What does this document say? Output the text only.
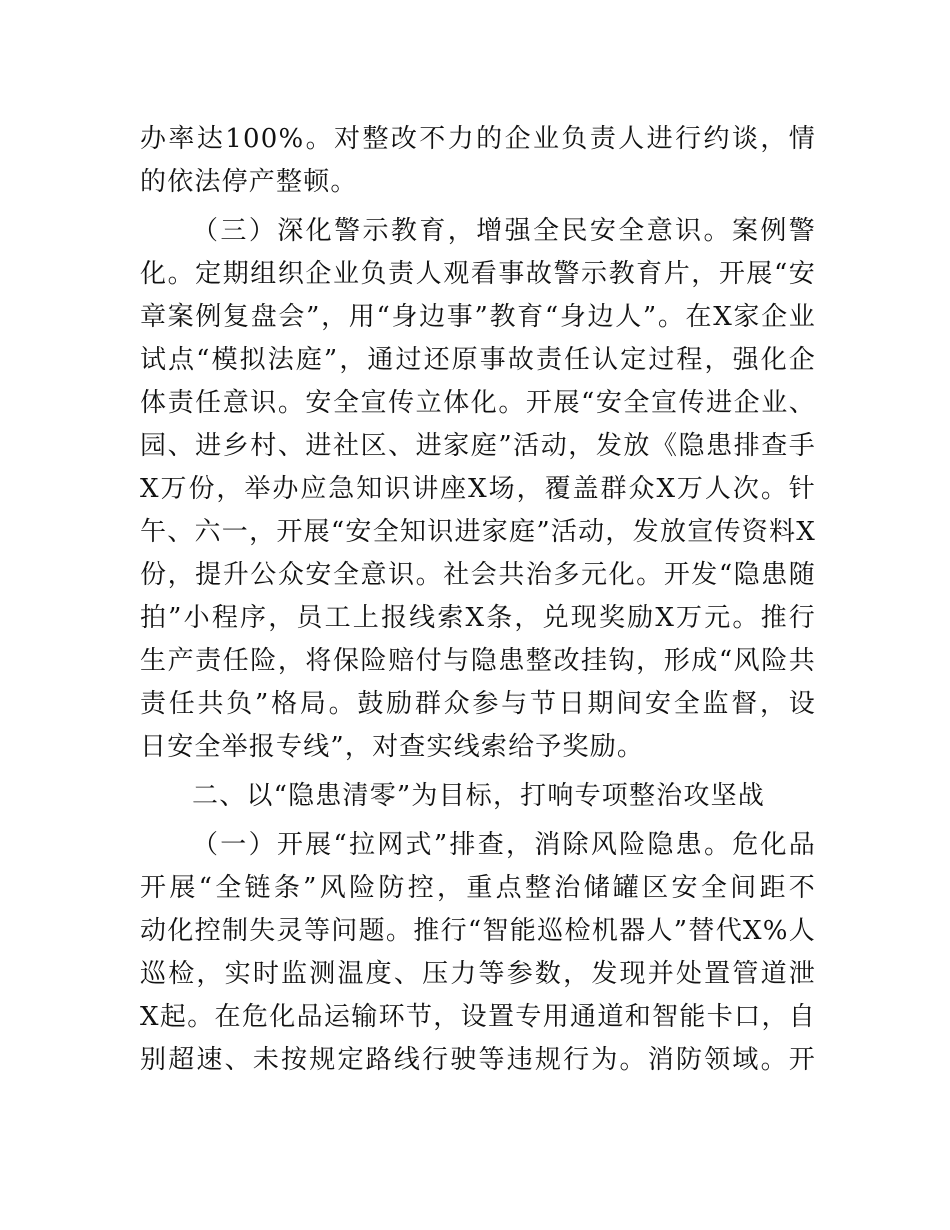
办率达100%。对整改不力的企业负责人进行约谈，情
的依法停产整顿。
（三）深化警示教育，增强全民安全意识。案例警
化。定期组织企业负责人观看事故警示教育片，开展“安
章案例复盘会”，用“身边事”教育“身边人”。在X家企业
试点“模拟法庭”，通过还原事故责任认定过程，强化企
体责任意识。安全宣传立体化。开展“安全宣传进企业、
园、进乡村、进社区、进家庭”活动，发放《隐患排查手
X万份，举办应急知识讲座X场，覆盖群众X万人次。针
午、六一，开展“安全知识进家庭”活动，发放宣传资料X
份，提升公众安全意识。社会共治多元化。开发“隐患随
拍”小程序，员工上报线索X条，兑现奖励X万元。推行
生产责任险，将保险赔付与隐患整改挂钩，形成“风险共
责任共负”格局。鼓励群众参与节日期间安全监督，设
日安全举报专线”，对查实线索给予奖励。
二、以“隐患清零”为目标，打响专项整治攻坚战
（一）开展“拉网式”排查，消除风险隐患。危化品
开展“全链条”风险防控，重点整治储罐区安全间距不
动化控制失灵等问题。推行“智能巡检机器人”替代X%人
巡检，实时监测温度、压力等参数，发现并处置管道泄
X起。在危化品运输环节，设置专用通道和智能卡口，自
别超速、未按规定路线行驶等违规行为。消防领域。开
